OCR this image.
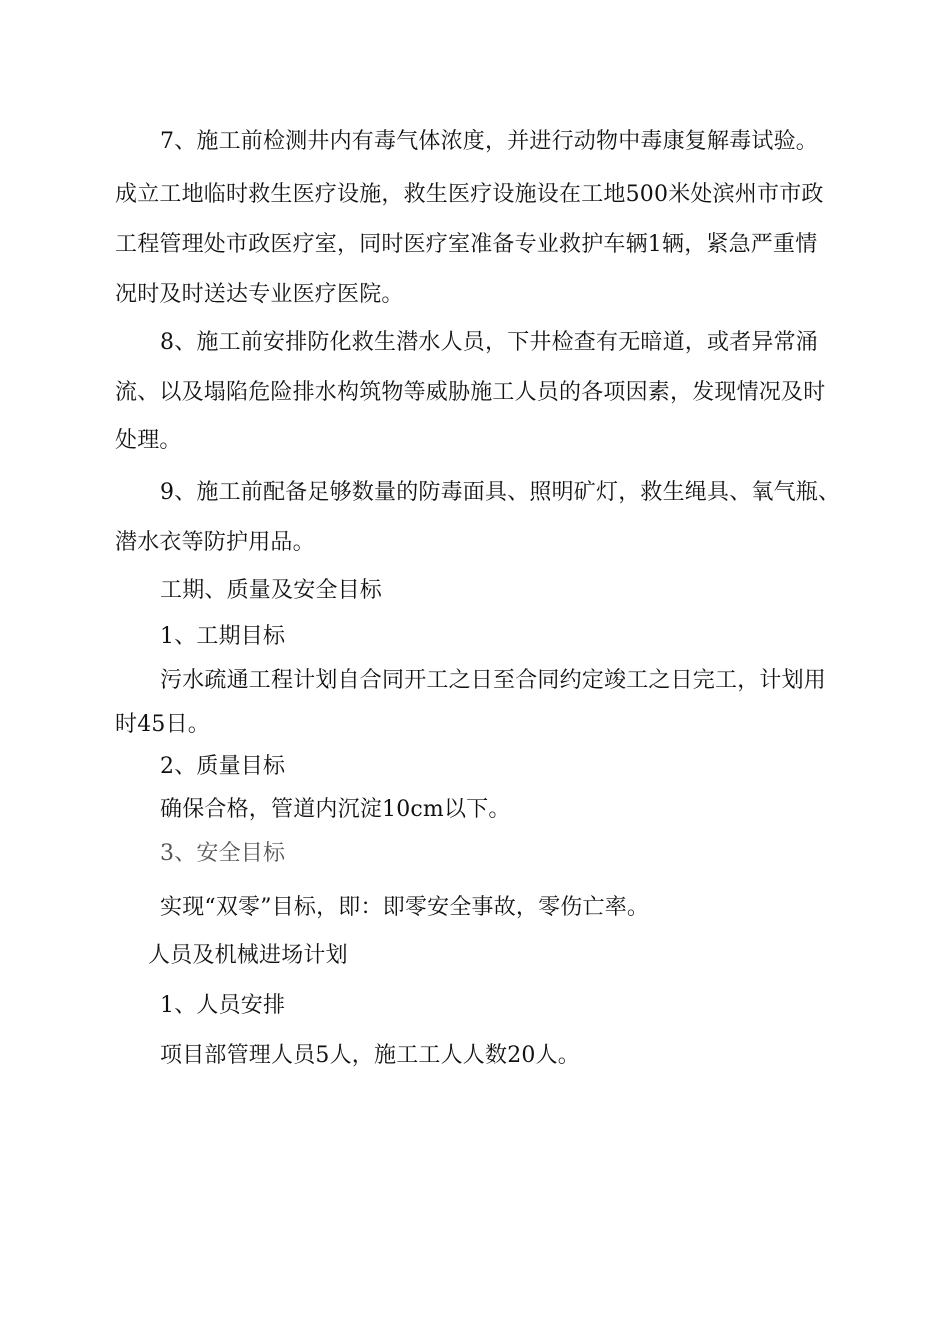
7、施工前检测井内有毒气体浓度，并进行动物中毒康复解毒试验。
成立工地临时救生医疗设施，救生医疗设施设在工地500米处滨州市市政
工程管理处市政医疗室，同时医疗室准备专业救护车辆1辆，紧急严重情
况时及时送达专业医疗医院。
8、施工前安排防化救生潜水人员，下井检查有无暗道，或者异常涌
流、以及塌陷危险排水构筑物等威胁施工人员的各项因素，发现情况及时
处理。
9、施工前配备足够数量的防毒面具、照明矿灯，救生绳具、氧气瓶、
潜水衣等防护用品。
工期、质量及安全目标
1、工期目标
污水疏通工程计划自合同开工之日至合同约定竣工之日完工，计划用
时45日。
2、质量目标
确保合格，管道内沉淀10cm以下。
3、安全目标
实现“双零”目标，即：即零安全事故，零伤亡率。
人员及机械进场计划
1、人员安排
项目部管理人员5人，施工工人人数20人。
